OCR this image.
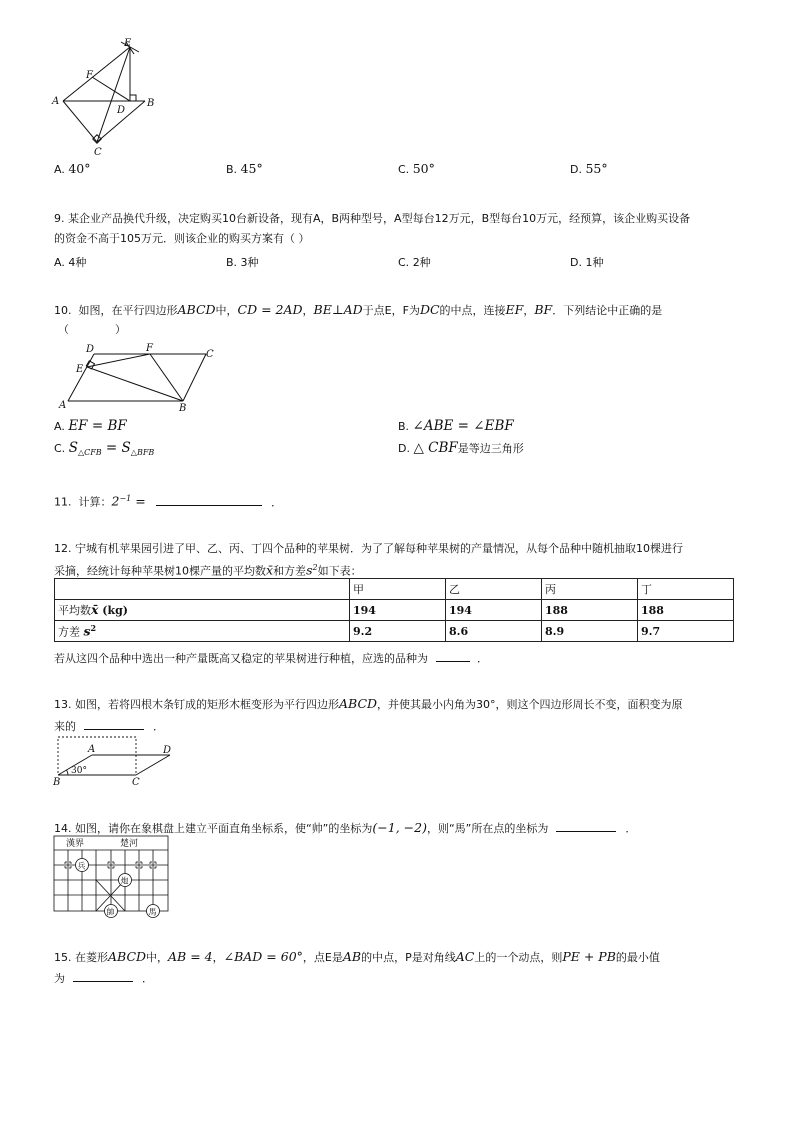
E
F
A
D
B
C
A. 40°	B. 45°	C. 50°	D. 55°
9. 某企业产品换代升级，决定购买10台新设备，现有A，B两种型号，A型每台12万元，B型每台10万元，经预算，该企业购买设备
的资金不高于105万元．则该企业的购买方案有（ ）
A. 4种	B. 3种	C. 2种	D. 1种
10. 如图，在平行四边形ABCD中，CD = 2AD，BE⊥AD于点E，F为DC的中点，连接EF，BF．下列结论中正确的是
（	）
D	F
C
E
A	B
A. EF = BF	B. ∠ABE = ∠EBF
C. $S_{\triangle CFB} = S_{\triangle BFB}$	D. △ CBF是等边三角形
11. 计算：$2^{-1}$ =	．
12. 宁城有机苹果园引进了甲、乙、丙、丁四个品种的苹果树．为了了解每种苹果树的产量情况，从每个品种中随机抽取10棵进行
采摘，经统计每种苹果树10棵产量的平均数x̄和方差$s^2$如下表：
	甲	乙	丙	丁
平均数x̄ (kg)	194	194	188	188
方差 $s^2$	9.2	8.6	8.9	9.7
若从这四个品种中选出一种产量既高又稳定的苹果树进行种植，应选的品种为	．
13. 如图，若将四根木条钉成的矩形木框变形为平行四边形ABCD，并使其最小内角为30°，则这个四边形周长不变，面积变为原
来的	．
A	D
30°
B	C
14. 如图，请你在象棋盘上建立平面直角坐标系，使“帅”的坐标为(−1, −2)，则“馬”所在点的坐标为	．
漢界	楚河
兵
炮
帥	馬
15. 在菱形ABCD中，AB = 4，∠BAD = 60°，点E是AB的中点，P是对角线AC上的一个动点，则PE + PB的最小值
为	．
